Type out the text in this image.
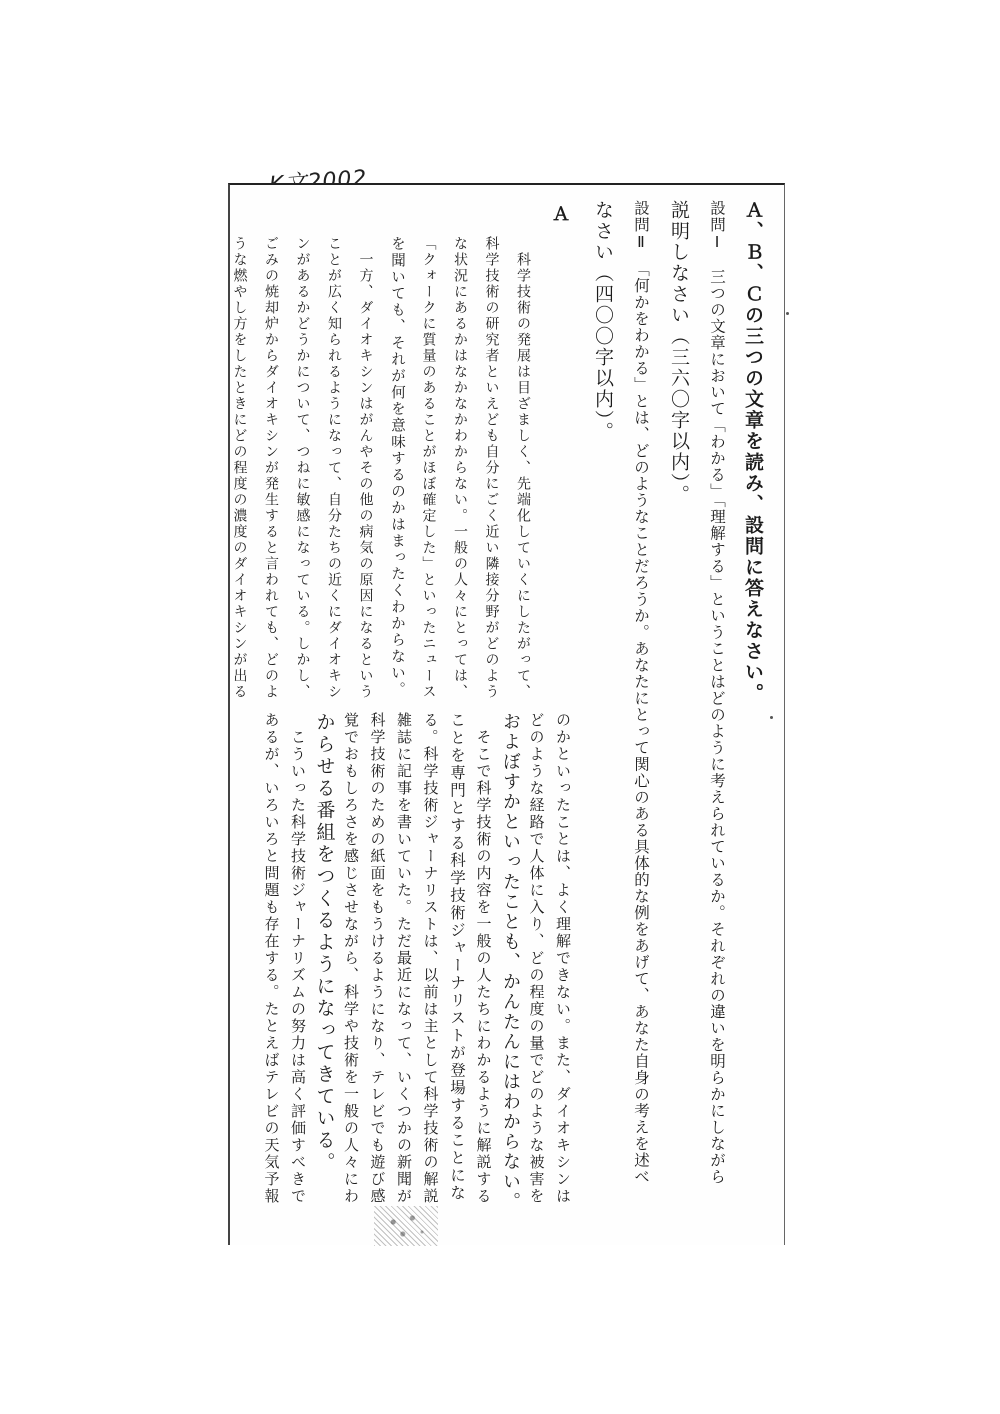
Ａ、Ｂ、Ｃの三つの文章を読み、設問に答えなさい。
設問Ⅰ　三つの文章において「わかる」「理解する」ということはどのように考えられているか。それぞれの違いを明らかにしながら
説明しなさい（三六〇字以内）。
設問Ⅱ　「何かをわかる」とは、どのようなことだろうか。あなたにとって関心のある具体的な例をあげて、あなた自身の考えを述べ
なさい（四〇〇字以内）。
Ａ
　科学技術の発展は目ざましく、先端化していくにしたがって、
科学技術の研究者といえども自分にごく近い隣接分野がどのよう
な状況にあるかはなかなかわからない。一般の人々にとっては、
「クォークに質量のあることがほぼ確定した」といったニュース
を聞いても、それが何を意味するのかはまったくわからない。
　一方、ダイオキシンはがんやその他の病気の原因になるという
ことが広く知られるようになって、自分たちの近くにダイオキシ
ンがあるかどうかについて、つねに敏感になっている。しかし、
ごみの焼却炉からダイオキシンが発生すると言われても、どのよ
うな燃やし方をしたときにどの程度の濃度のダイオキシンが出る
のかといったことは、よく理解できない。また、ダイオキシンは
どのような経路で人体に入り、どの程度の量でどのような被害を
およぼすかといったことも、かんたんにはわからない。
　そこで科学技術の内容を一般の人たちにわかるように解説する
ことを専門とする科学技術ジャーナリストが登場することにな
る。科学技術ジャーナリストは、以前は主として科学技術の解説
雑誌に記事を書いていた。ただ最近になって、いくつかの新聞が
科学技術のための紙面をもうけるようになり、テレビでも遊び感
覚でおもしろさを感じさせながら、科学や技術を一般の人々にわ
からせる番組をつくるようになってきている。
　こういった科学技術ジャーナリズムの努力は高く評価すべきで
あるが、いろいろと問題も存在する。たとえばテレビの天気予報
